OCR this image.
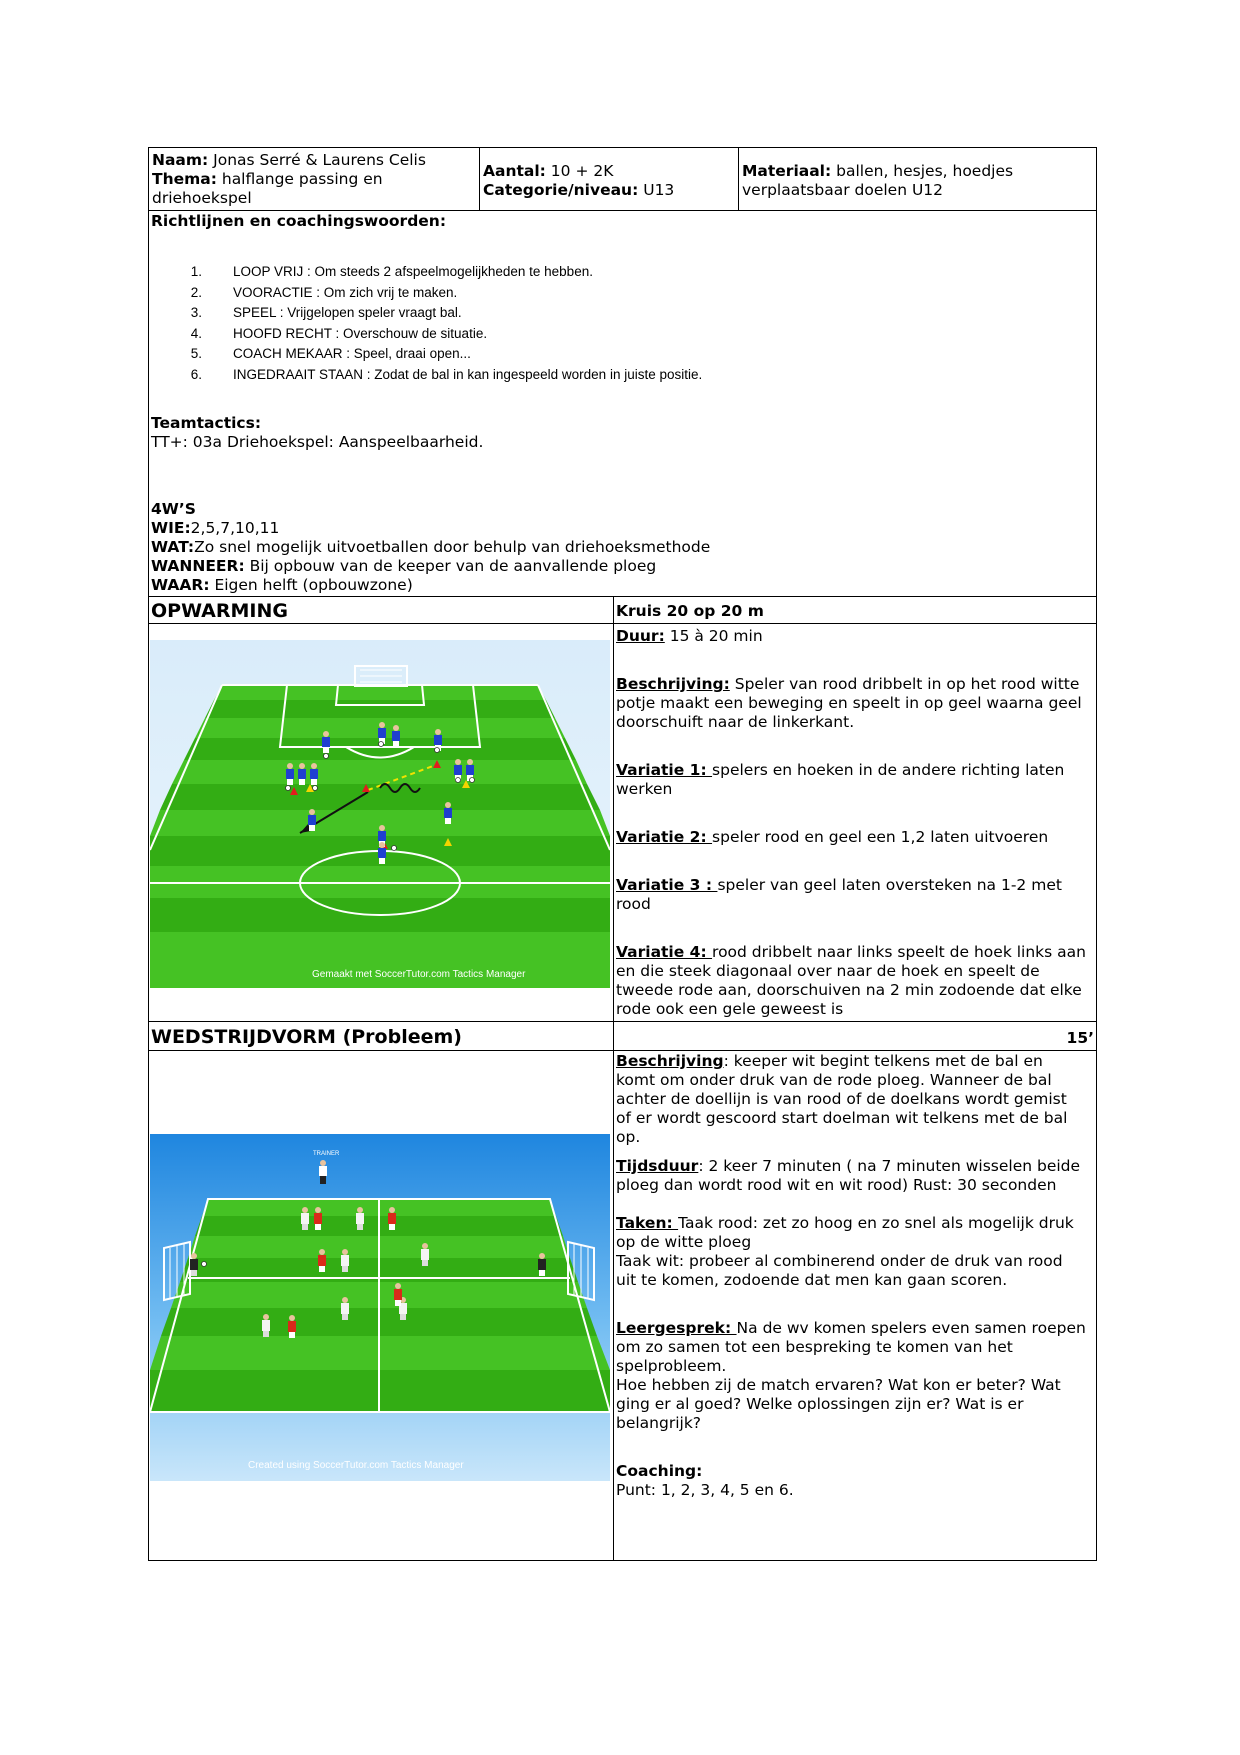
Naam: Jonas Serré & Laurens Celis
Thema: halflange passing en
driehoekspel
Aantal: 10 + 2K
Categorie/niveau: U13
Materiaal: ballen, hesjes, hoedjes
verplaatsbaar doelen U12
Richtlijnen en coachingswoorden:
1. LOOP VRIJ : Om steeds 2 afspeelmogelijkheden te hebben.
2. VOORACTIE : Om zich vrij te maken.
3. SPEEL : Vrijgelopen speler vraagt bal.
4. HOOFD RECHT : Overschouw de situatie.
5. COACH MEKAAR : Speel, draai open...
6. INGEDRAAIT STAAN : Zodat de bal in kan ingespeeld worden in juiste positie.
Teamtactics:
TT+: 03a Driehoekspel: Aanspeelbaarheid.
4W’S
WIE:2,5,7,10,11
WAT:Zo snel mogelijk uitvoetballen door behulp van driehoeksmethode
WANNEER: Bij opbouw van de keeper van de aanvallende ploeg
WAAR: Eigen helft (opbouwzone)
OPWARMING	Kruis 20 op 20 m
Gemaakt met SoccerTutor.com Tactics Manager
Duur: 15 à 20 min
Beschrijving: Speler van rood dribbelt in op het rood witte
potje maakt een beweging en speelt in op geel waarna geel
doorschuift naar de linkerkant.
Variatie 1: spelers en hoeken in de andere richting laten
werken
Variatie 2: speler rood en geel een 1,2 laten uitvoeren
Variatie 3 : speler van geel laten oversteken na 1-2 met
rood
Variatie 4: rood dribbelt naar links speelt de hoek links aan
en die steek diagonaal over naar de hoek en speelt de
tweede rode aan, doorschuiven na 2 min zodoende dat elke
rode ook een gele geweest is
WEDSTRIJDVORM (Probleem)	15’
TRAINER
Created using SoccerTutor.com Tactics Manager
Beschrijving: keeper wit begint telkens met de bal en
komt om onder druk van de rode ploeg. Wanneer de bal
achter de doellijn is van rood of de doelkans wordt gemist
of er wordt gescoord start doelman wit telkens met de bal
op.
Tijdsduur: 2 keer 7 minuten ( na 7 minuten wisselen beide
ploeg dan wordt rood wit en wit rood) Rust: 30 seconden
Taken: Taak rood: zet zo hoog en zo snel als mogelijk druk
op de witte ploeg
Taak wit: probeer al combinerend onder de druk van rood
uit te komen, zodoende dat men kan gaan scoren.
Leergesprek: Na de wv komen spelers even samen roepen
om zo samen tot een bespreking te komen van het
spelprobleem.
Hoe hebben zij de match ervaren? Wat kon er beter? Wat
ging er al goed? Welke oplossingen zijn er? Wat is er
belangrijk?
Coaching:
Punt: 1, 2, 3, 4, 5 en 6.
